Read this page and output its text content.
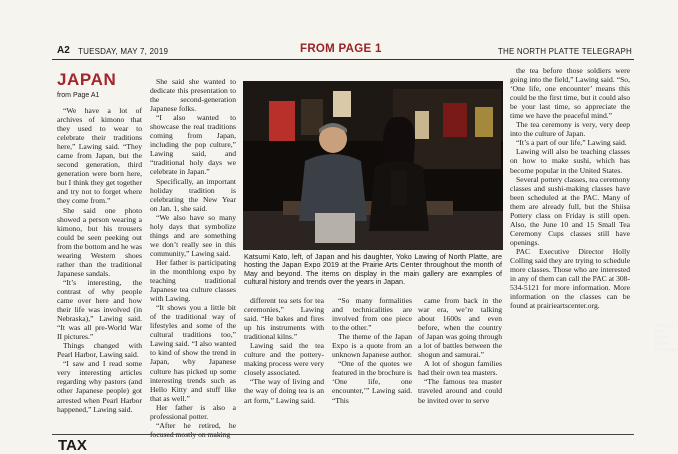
A2 TUESDAY, MAY 7, 2019	FROM PAGE 1	THE NORTH PLATTE TELEGRAPH
JAPAN
from Page A1

“We have a lot of archives of kimono that they used to wear to celebrate their traditions here,” Lawing said. “They came from Japan, but the second generation, third generation were born here, but I think they get together and try not to forget where they come from.”

She said one photo showed a person wearing a kimono, but his trousers could be seen peeking out from the bottom and he was wearing Western shoes rather than the traditional Japanese sandals.

“It’s interesting, the contrast of why people came over here and how their life was involved (in Nebraska),” Lawing said. “It was all pre-World War II pictures.”

Things changed with Pearl Harbor, Lawing said.

“I saw and I read some very interesting articles regarding why pastors (and other Japanese people) got arrested when Pearl Harbor happened,” Lawing said.

She said she wanted to dedicate this presentation to the second-generation Japanese folks.

“I also wanted to showcase the real traditions coming from Japan, including the pop culture,” Lawing said, and “traditional holy days we celebrate in Japan.”

Specifically, an important holiday tradition is celebrating the New Year on Jan. 1, she said.

“We also have so many holy days that symbolize things and are something we don’t really see in this community,” Lawing said.

Her father is participating in the monthlong expo by teaching traditional Japanese tea culture classes with Lawing.

“It shows you a little bit of the traditional way of lifestyles and some of the cultural traditions too,” Lawing said. “I also wanted to kind of show the trend in Japan, why Japanese culture has picked up some interesting trends such as Hello Kitty and stuff like that as well.”

Her father is also a professional potter.

“After he retired, he focused mostly on making

Job Vigil / The North Platte Telegraph
Katsumi Kato, left, of Japan and his daughter, Yoko Lawing of North Platte, are hosting the Japan Expo 2019 at the Prairie Arts Center throughout the month of May and beyond. The items on display in the main gallery are examples of cultural history and trends over the years in Japan.

different tea sets for tea ceremonies,” Lawing said. “He bakes and fires up his instruments with traditional kilns.”

Lawing said the tea culture and the pottery-making process were very closely associated.

“The way of living and the way of doing tea is an art form,” Lawing said.

“So many formalities and technicalities are involved from one piece to the other.”

The theme of the Japan Expo is a quote from an unknown Japanese author.

“One of the quotes we featured in the brochure is ‘One life, one encounter,’” Lawing said. “This

came from back in the war era, we’re talking about 1600s and even before, when the country of Japan was going through a lot of battles between the shogun and samurai.”

A lot of shogun families had their own tea masters.

“The famous tea master traveled around and could be invited over to serve

the tea before those soldiers were going into the field,” Lawing said. “So, ‘One life, one encounter’ means this could be the first time, but it could also be your last time, so appreciate the time we have the peaceful mind.”

The tea ceremony is very, very deep into the culture of Japan.

“It’s a part of our life,” Lawing said.

Lawing will also be teaching classes on how to make sushi, which has become popular in the United States.

Several pottery classes, tea ceremony classes and sushi-making classes have been scheduled at the PAC. Many of them are already full, but the Shiisa Pottery class on Friday is still open. Also, the June 10 and 15 Small Tea Ceremony Cups classes still have openings.

PAC Executive Director Holly Colling said they are trying to schedule more classes. Those who are interested in any of them can call the PAC at 308-534-5121 for more information. More information on the classes can be found at prairieartscenter.org.

TAX
